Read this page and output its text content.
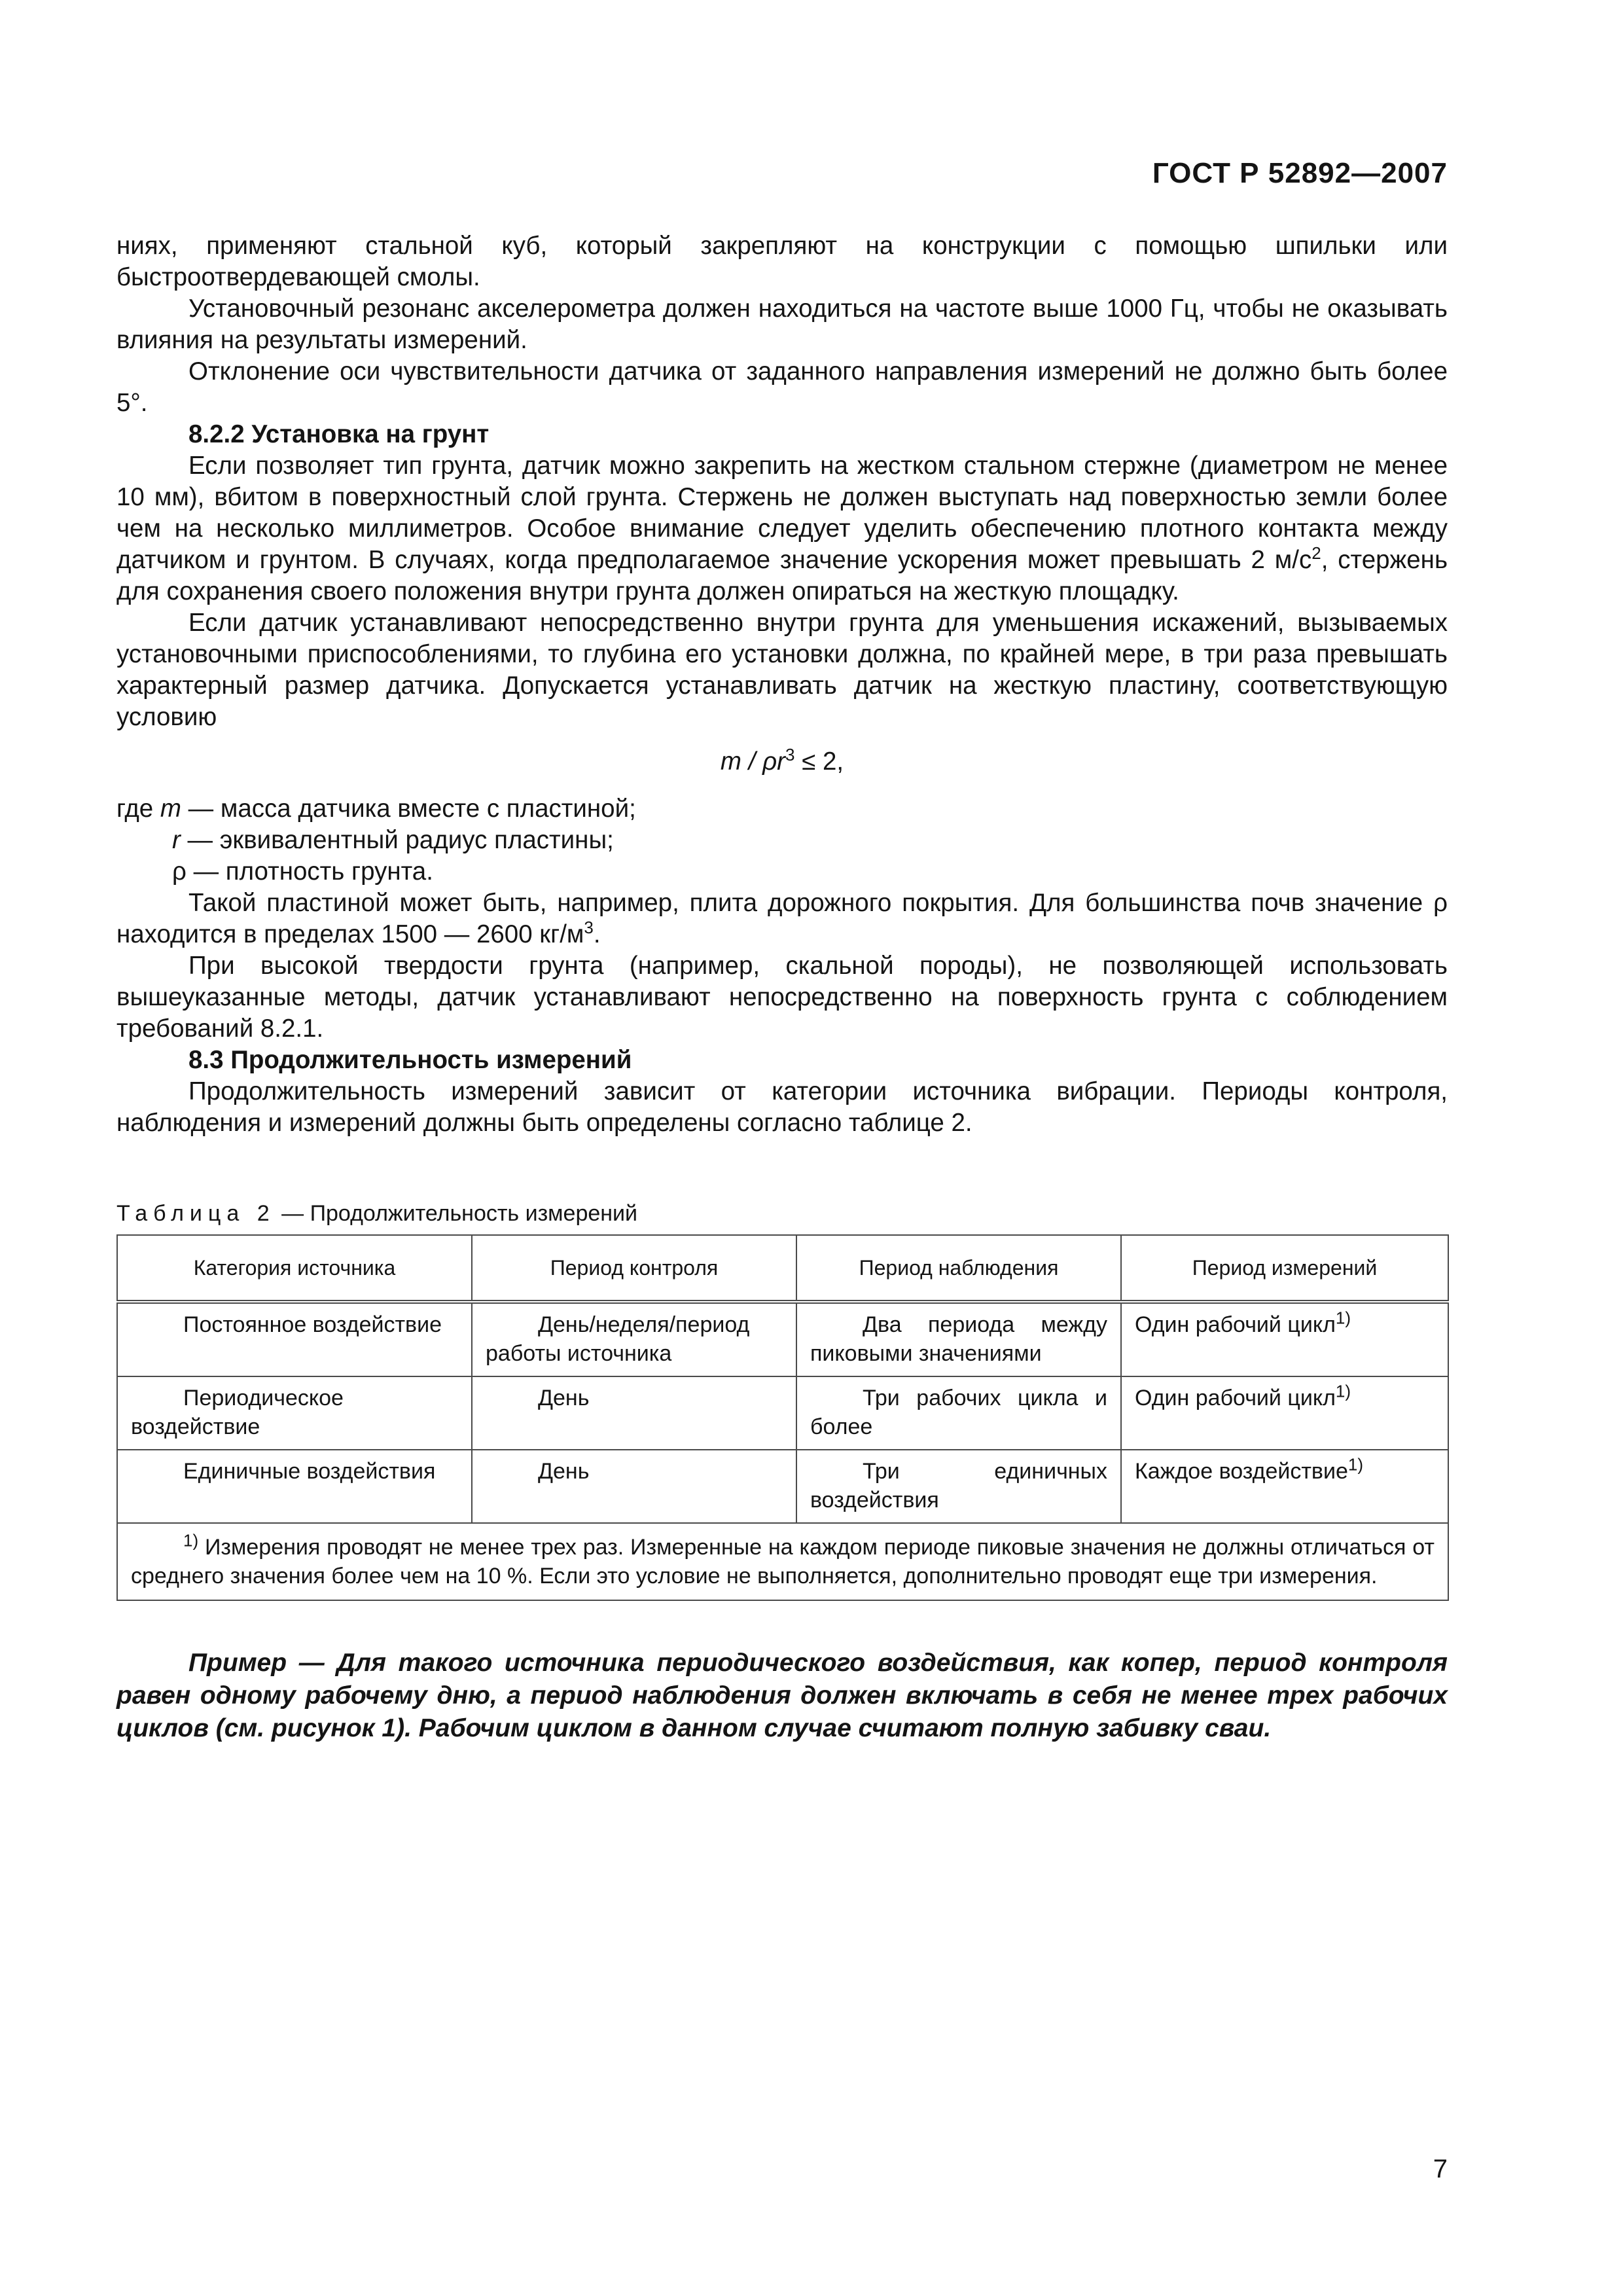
ГОСТ Р 52892—2007

ниях, применяют стальной куб, который закрепляют на конструкции с помощью шпильки или быстроотвердевающей смолы.

Установочный резонанс акселерометра должен находиться на частоте выше 1000 Гц, чтобы не оказывать влияния на результаты измерений.

Отклонение оси чувствительности датчика от заданного направления измерений не должно быть более 5°.

8.2.2 Установка на грунт

Если позволяет тип грунта, датчик можно закрепить на жестком стальном стержне (диаметром не менее 10 мм), вбитом в поверхностный слой грунта. Стержень не должен выступать над поверхностью земли более чем на несколько миллиметров. Особое внимание следует уделить обеспечению плотного контакта между датчиком и грунтом. В случаях, когда предполагаемое значение ускорения может превышать 2 $м/с^2$, стержень для сохранения своего положения внутри грунта должен опираться на жесткую площадку.

Если датчик устанавливают непосредственно внутри грунта для уменьшения искажений, вызываемых установочными приспособлениями, то глубина его установки должна, по крайней мере, в три раза превышать характерный размер датчика. Допускается устанавливать датчик на жесткую пластину, соответствующую условию

$m / \rho r^3 \le 2$,
где m — масса датчика вместе с пластиной;
r — эквивалентный радиус пластины;
ρ — плотность грунта.

Такой пластиной может быть, например, плита дорожного покрытия. Для большинства почв значение ρ находится в пределах 1500 — 2600 $кг/м^3$.

При высокой твердости грунта (например, скальной породы), не позволяющей использовать вышеуказанные методы, датчик устанавливают непосредственно на поверхность грунта с соблюдением требований 8.2.1.

8.3 Продолжительность измерений

Продолжительность измерений зависит от категории источника вибрации. Периоды контроля, наблюдения и измерений должны быть определены согласно таблице 2.

Таблица 2 — Продолжительность измерений
Категория источника	Период контроля	Период наблюдения	Период измерений

Постоянное воздействие	День/неделя/период работы источника	Два периода между пиковыми значениями	Один рабочий цикл$^{1)}$

Периодическое воздействие	День	Три рабочих цикла и более	Один рабочий цикл$^{1)}$

Единичные воздействия	День	Три единичных воздействия	Каждое воздействие$^{1)}$

$^{1)}$ Измерения проводят не менее трех раз. Измеренные на каждом периоде пиковые значения не должны отличаться от среднего значения более чем на 10 %. Если это условие не выполняется, дополнительно проводят еще три измерения.			

Пример — Для такого источника периодического воздействия, как копер, период контроля равен одному рабочему дню, а период наблюдения должен включать в себя не менее трех рабочих циклов (см. рисунок 1). Рабочим циклом в данном случае считают полную забивку сваи.

7
